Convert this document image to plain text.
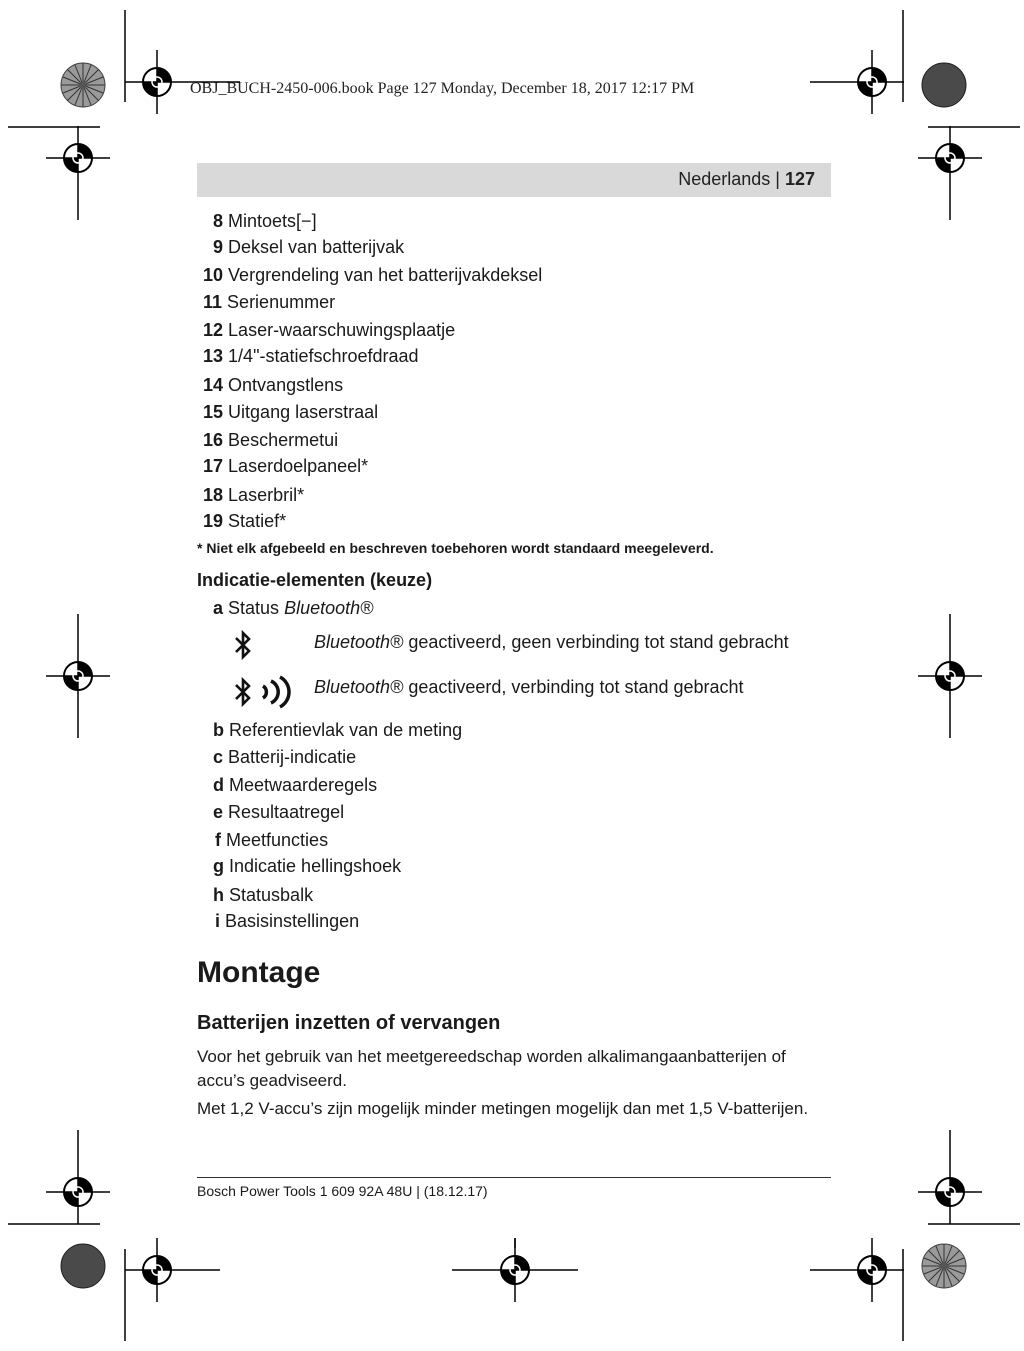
OBJ_BUCH-2450-006.book Page 127 Monday, December 18, 2017 12:17 PM
Nederlands | 127
8 Mintoets[−]
9 Deksel van batterijvak
10 Vergrendeling van het batterijvakdeksel
11 Serienummer
12 Laser-waarschuwingsplaatje
13 1/4"-statiefschroefdraad
14 Ontvangstlens
15 Uitgang laserstraal
16 Beschermetui
17 Laserdoelpaneel*
18 Laserbril*
19 Statief*
* Niet elk afgebeeld en beschreven toebehoren wordt standaard meegeleverd.
Indicatie-elementen (keuze)
a Status Bluetooth®
Bluetooth® geactiveerd, geen verbinding tot stand gebracht
Bluetooth® geactiveerd, verbinding tot stand gebracht
b Referentievlak van de meting
c Batterij-indicatie
d Meetwaarderegels
e Resultaatregel
f Meetfuncties
g Indicatie hellingshoek
h Statusbalk
i Basisinstellingen
Montage
Batterijen inzetten of vervangen
Voor het gebruik van het meetgereedschap worden alkalimangaanbatterijen of accu’s geadviseerd.
Met 1,2 V-accu’s zijn mogelijk minder metingen mogelijk dan met 1,5 V-batterijen.
Bosch Power Tools 1 609 92A 48U | (18.12.17)
